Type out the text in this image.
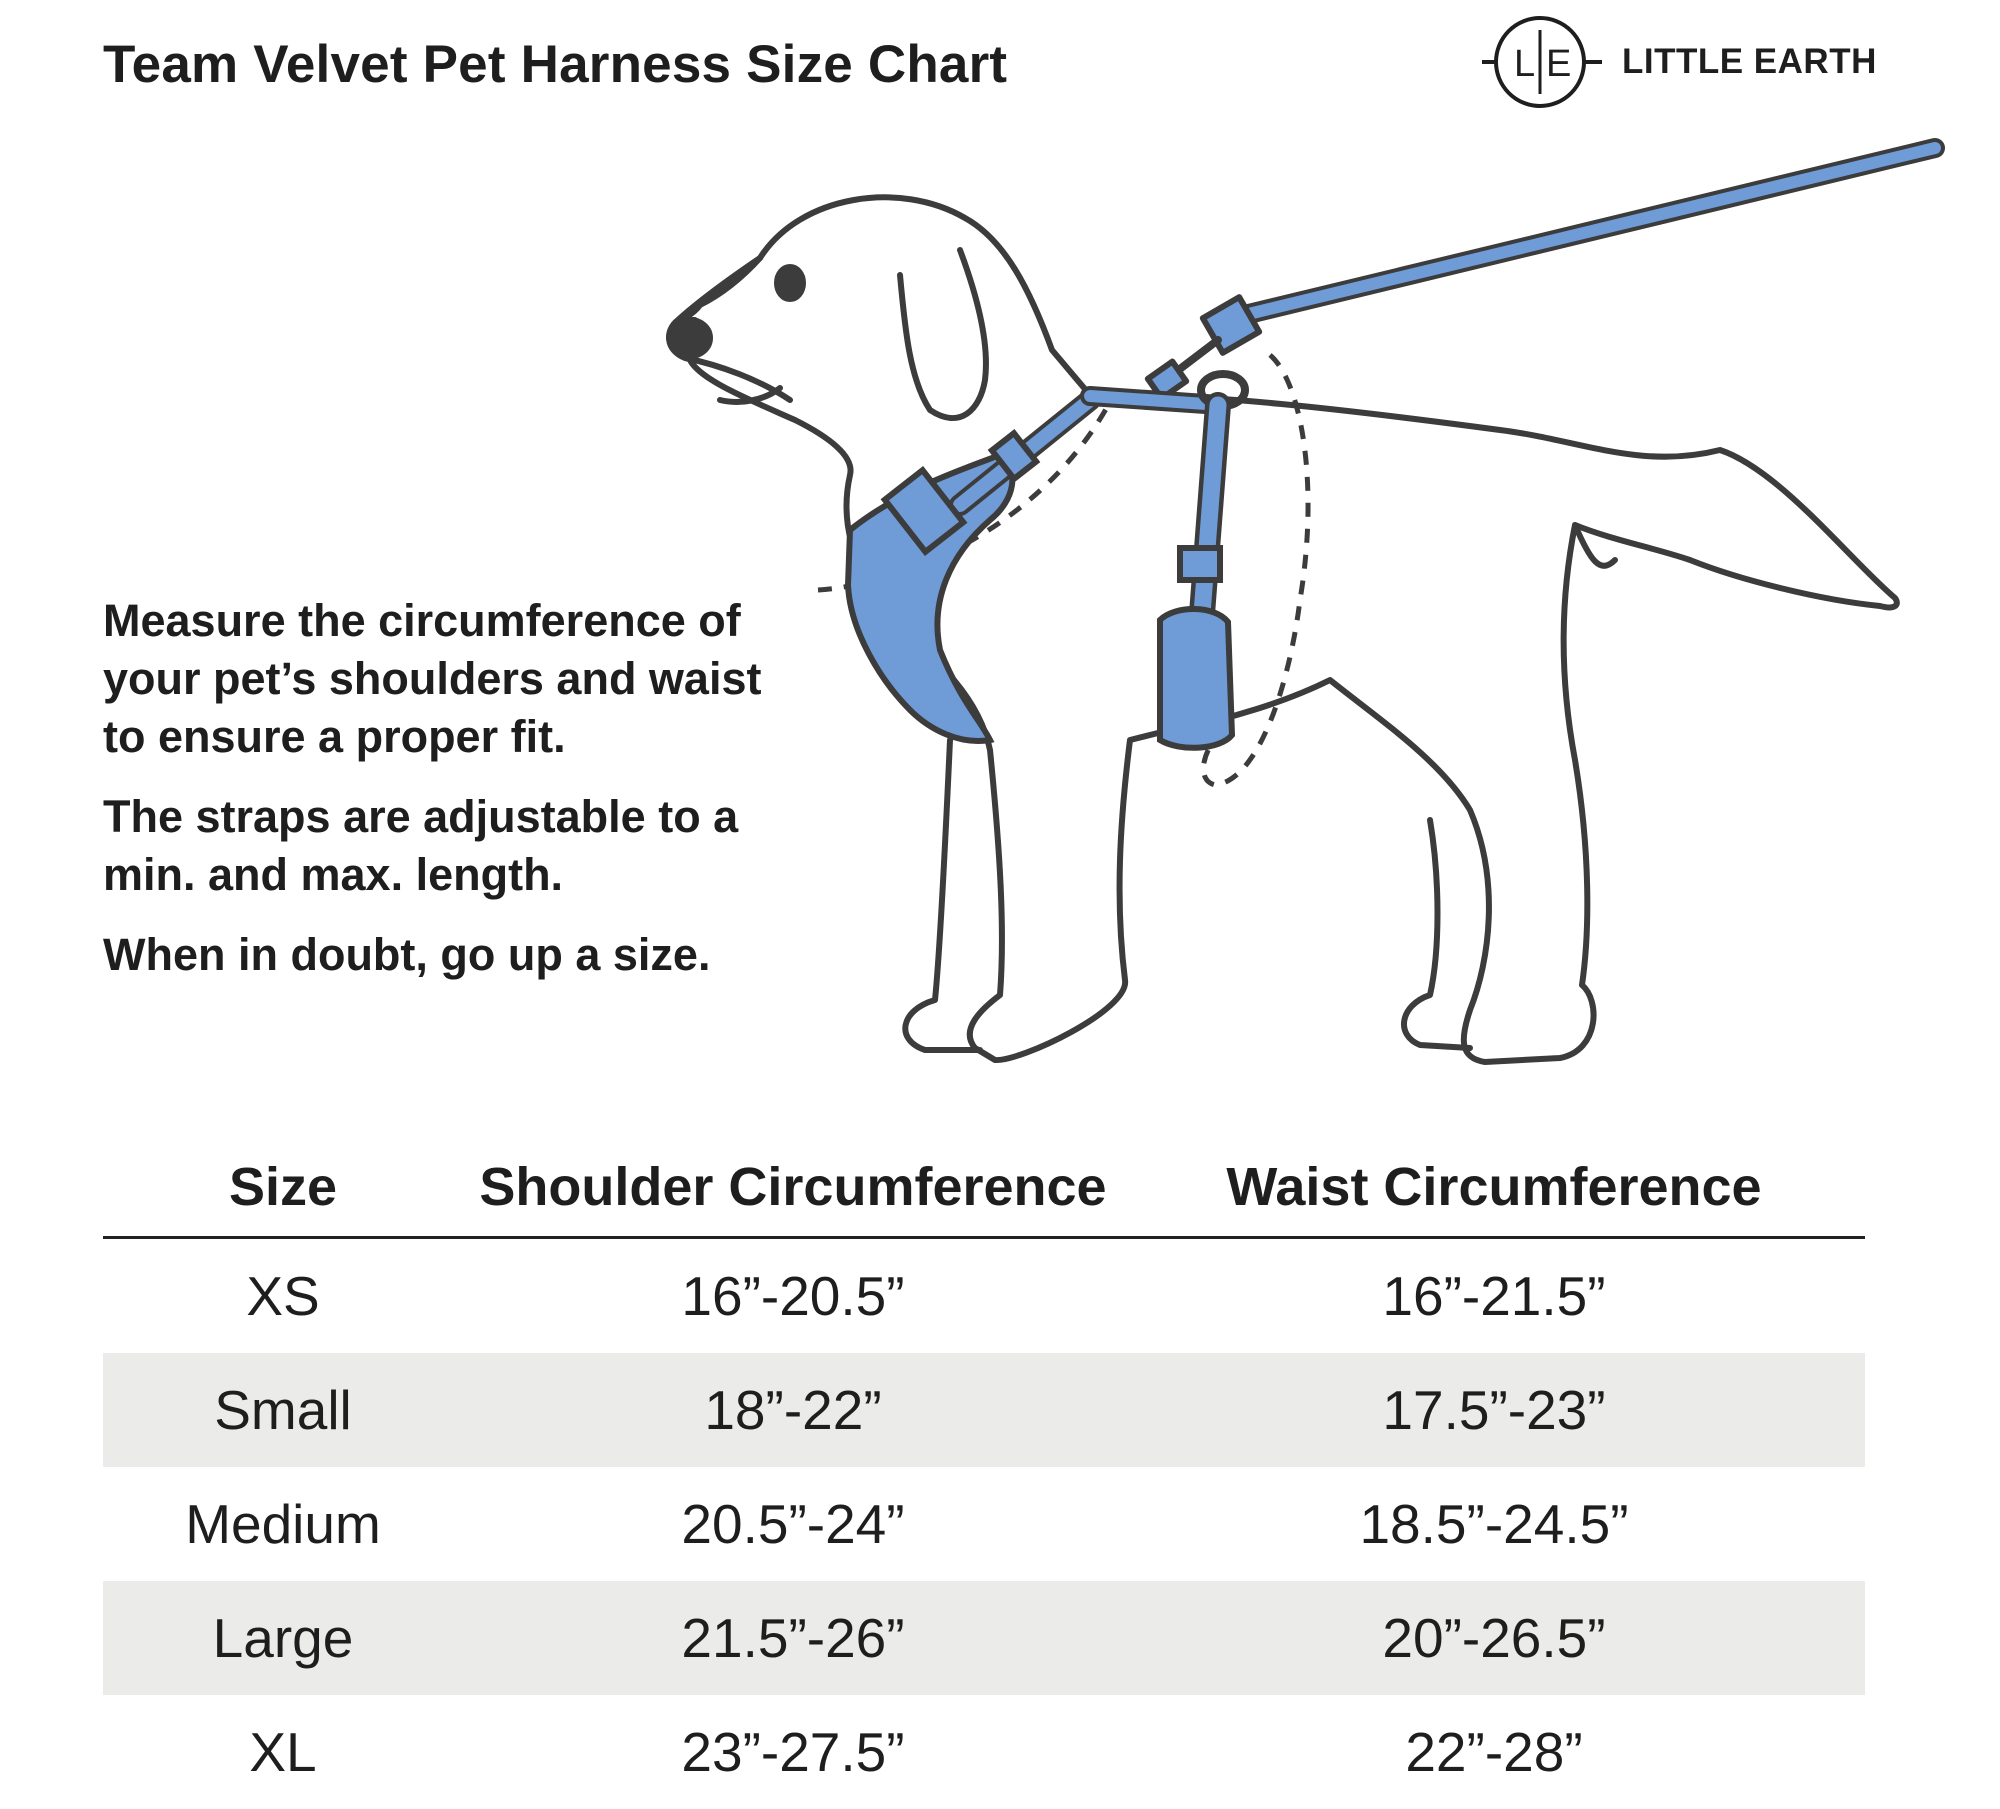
Team Velvet Pet Harness Size Chart	L E LITTLE EARTH

Measure the circumference of your pet’s shoulders and waist to ensure a proper fit.

The straps are adjustable to a min. and max. length.

When in doubt, go up a size.

Size	Shoulder Circumference	Waist Circumference
XS	16”-20.5”	16”-21.5”
Small	18”-22”	17.5”-23”
Medium	20.5”-24”	18.5”-24.5”
Large	21.5”-26”	20”-26.5”
XL	23”-27.5”	22”-28”
